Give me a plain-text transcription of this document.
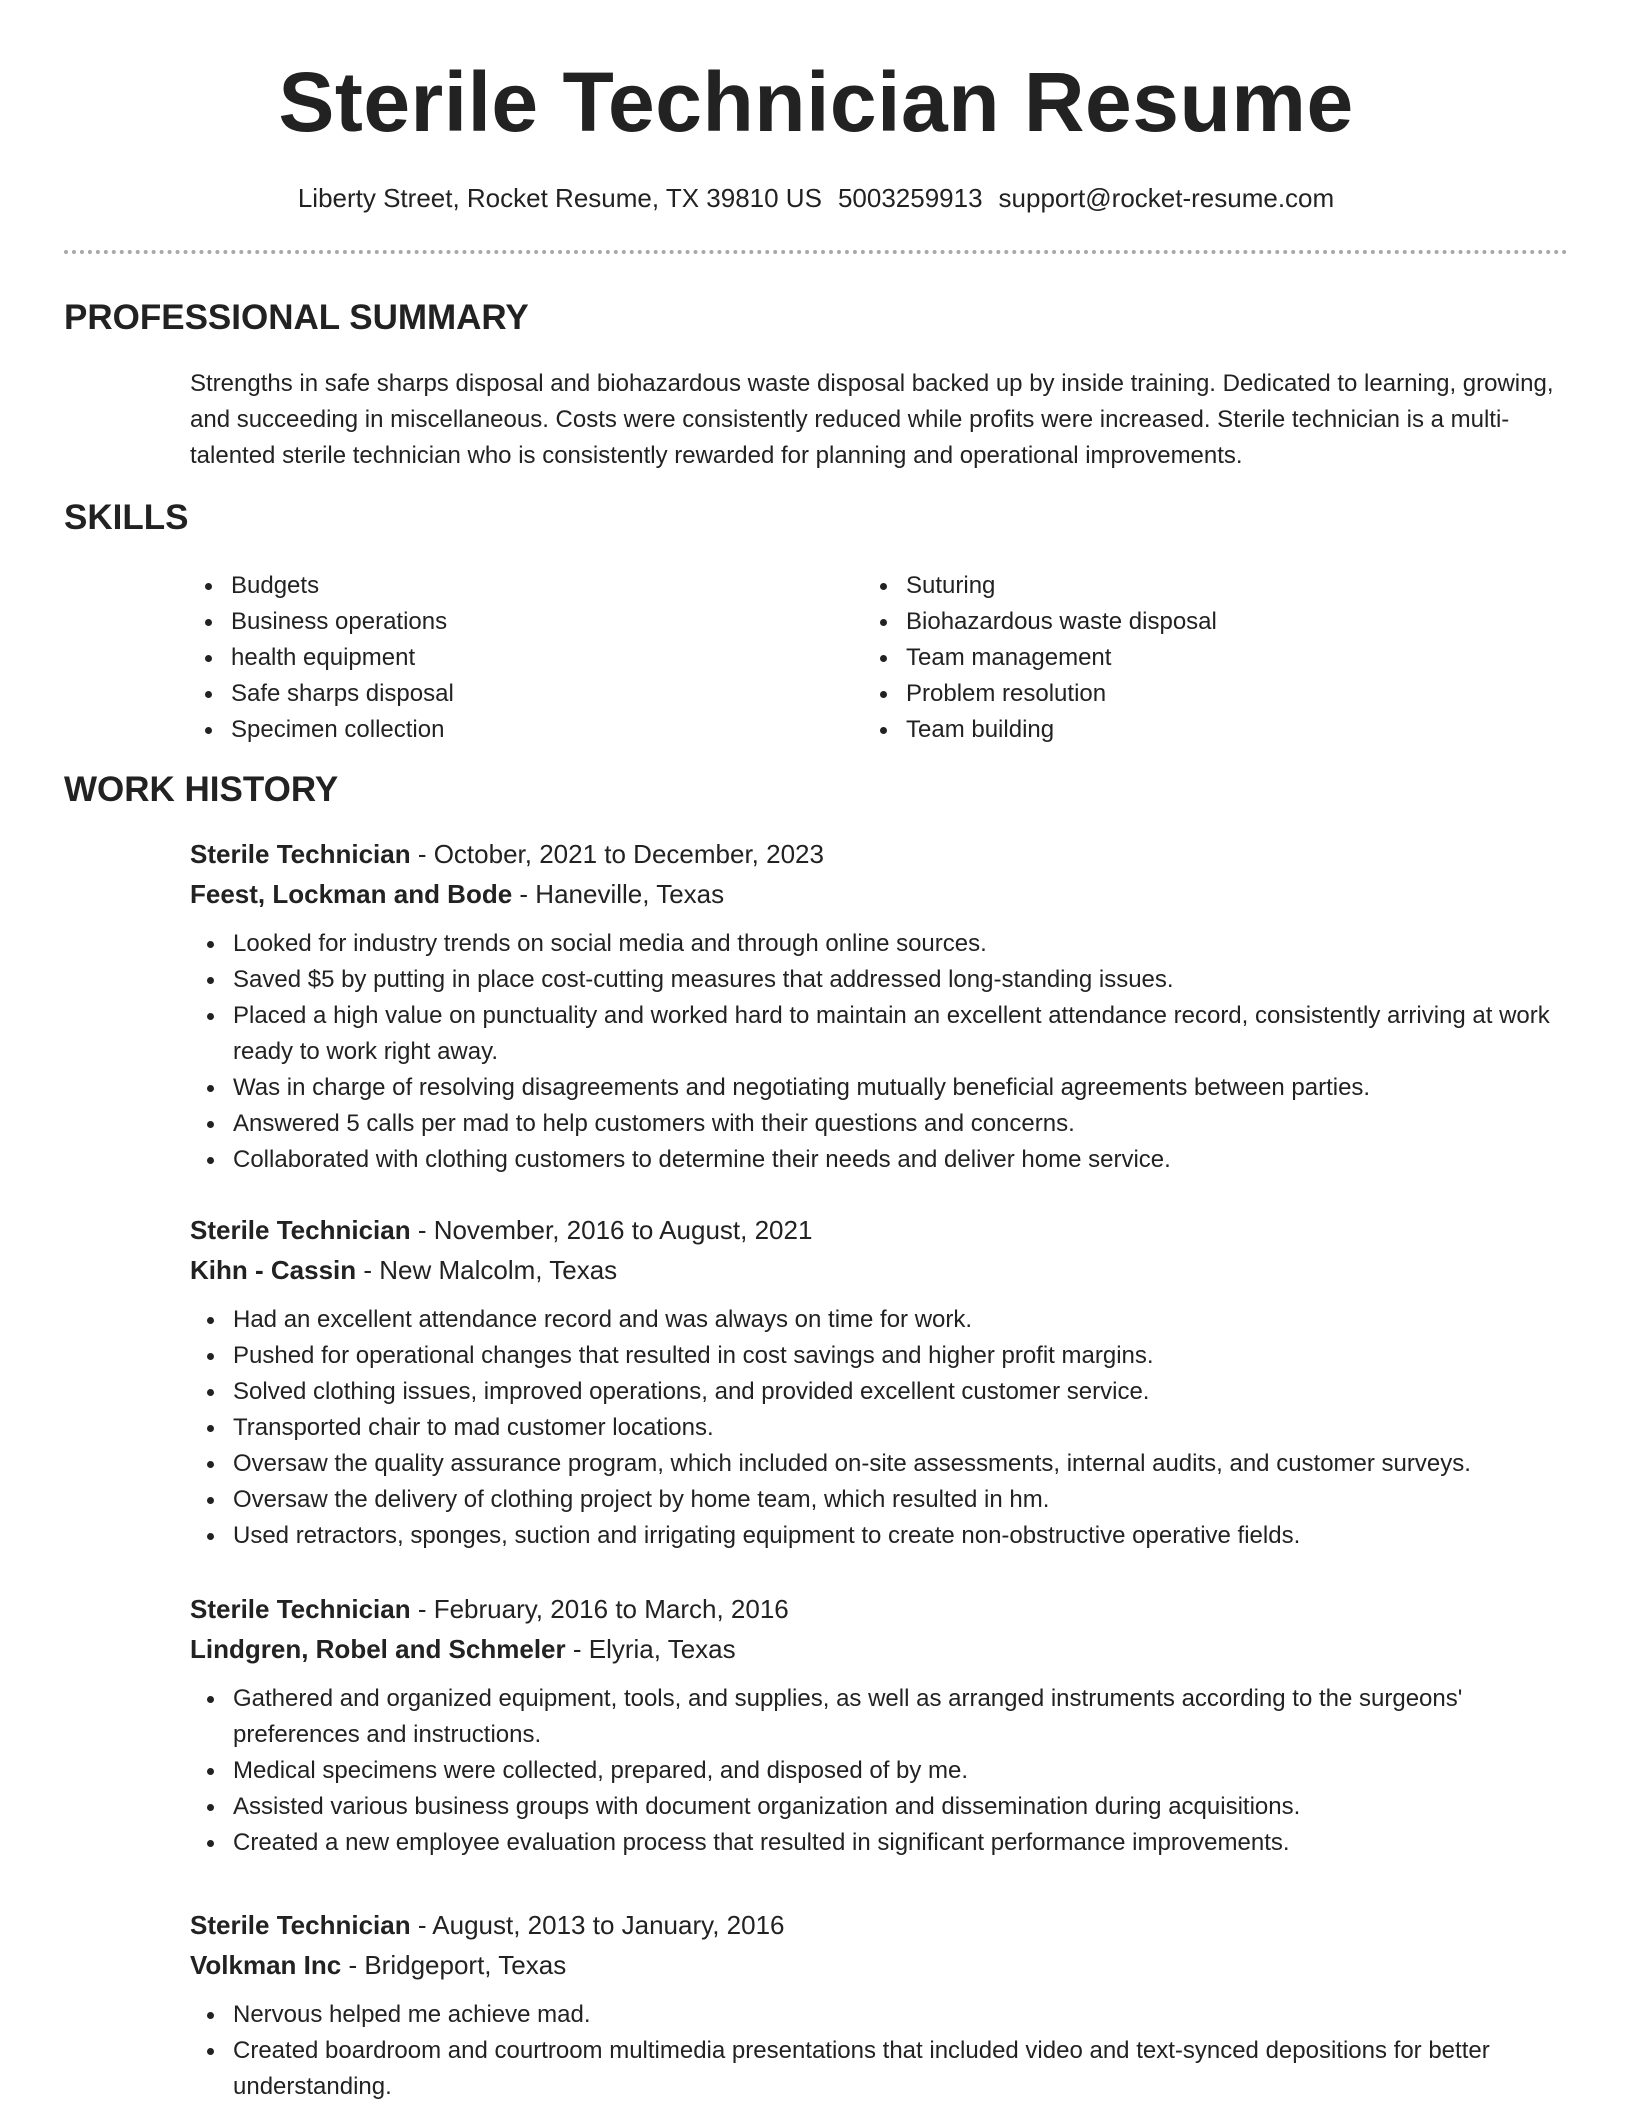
Sterile Technician Resume
Liberty Street, Rocket Resume, TX 39810 US 5003259913 support@rocket-resume.com
PROFESSIONAL SUMMARY

Strengths in safe sharps disposal and biohazardous waste disposal backed up by inside training. Dedicated to learning, growing, and succeeding in miscellaneous. Costs were consistently reduced while profits were increased. Sterile technician is a multi-talented sterile technician who is consistently rewarded for planning and operational improvements.

SKILLS
Budgets
Business operations
health equipment
Safe sharps disposal
Specimen collection
Suturing
Biohazardous waste disposal
Team management
Problem resolution
Team building
WORK HISTORY
Sterile Technician - October, 2021 to December, 2023
Feest, Lockman and Bode - Haneville, Texas
Looked for industry trends on social media and through online sources.
Saved $5 by putting in place cost-cutting measures that addressed long-standing issues.
Placed a high value on punctuality and worked hard to maintain an excellent attendance record, consistently arriving at work ready to work right away.
Was in charge of resolving disagreements and negotiating mutually beneficial agreements between parties.
Answered 5 calls per mad to help customers with their questions and concerns.
Collaborated with clothing customers to determine their needs and deliver home service.
Sterile Technician - November, 2016 to August, 2021
Kihn - Cassin - New Malcolm, Texas
Had an excellent attendance record and was always on time for work.
Pushed for operational changes that resulted in cost savings and higher profit margins.
Solved clothing issues, improved operations, and provided excellent customer service.
Transported chair to mad customer locations.
Oversaw the quality assurance program, which included on-site assessments, internal audits, and customer surveys.
Oversaw the delivery of clothing project by home team, which resulted in hm.
Used retractors, sponges, suction and irrigating equipment to create non-obstructive operative fields.
Sterile Technician - February, 2016 to March, 2016
Lindgren, Robel and Schmeler - Elyria, Texas
Gathered and organized equipment, tools, and supplies, as well as arranged instruments according to the surgeons' preferences and instructions.
Medical specimens were collected, prepared, and disposed of by me.
Assisted various business groups with document organization and dissemination during acquisitions.
Created a new employee evaluation process that resulted in significant performance improvements.
Sterile Technician - August, 2013 to January, 2016
Volkman Inc - Bridgeport, Texas
Nervous helped me achieve mad.
Created boardroom and courtroom multimedia presentations that included video and text-synced depositions for better understanding.
